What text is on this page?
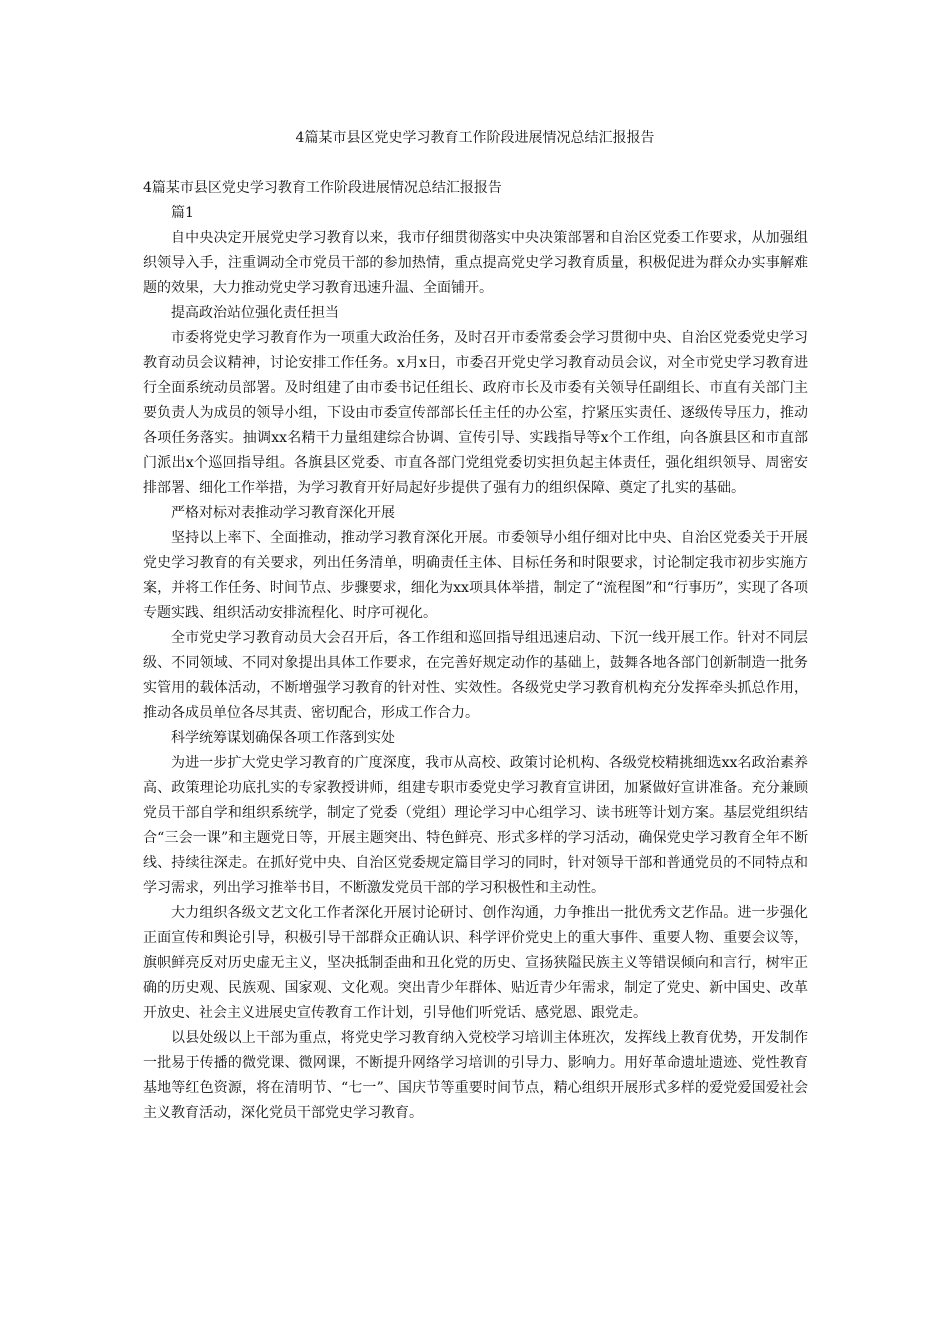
4篇某市县区党史学习教育工作阶段进展情况总结汇报报告

4篇某市县区党史学习教育工作阶段进展情况总结汇报报告

篇1

自中央决定开展党史学习教育以来，我市仔细贯彻落实中央决策部署和自治区党委工作要求，从加强组织领导入手，注重调动全市党员干部的参加热情，重点提高党史学习教育质量，积极促进为群众办实事解难题的效果，大力推动党史学习教育迅速升温、全面铺开。

提高政治站位强化责任担当

市委将党史学习教育作为一项重大政治任务，及时召开市委常委会学习贯彻中央、自治区党委党史学习教育动员会议精神，讨论安排工作任务。x月x日，市委召开党史学习教育动员会议，对全市党史学习教育进行全面系统动员部署。及时组建了由市委书记任组长、政府市长及市委有关领导任副组长、市直有关部门主要负责人为成员的领导小组，下设由市委宣传部部长任主任的办公室，拧紧压实责任、逐级传导压力，推动各项任务落实。抽调xx名精干力量组建综合协调、宣传引导、实践指导等x个工作组，向各旗县区和市直部门派出x个巡回指导组。各旗县区党委、市直各部门党组党委切实担负起主体责任，强化组织领导、周密安排部署、细化工作举措，为学习教育开好局起好步提供了强有力的组织保障、奠定了扎实的基础。

严格对标对表推动学习教育深化开展

坚持以上率下、全面推动，推动学习教育深化开展。市委领导小组仔细对比中央、自治区党委关于开展党史学习教育的有关要求，列出任务清单，明确责任主体、目标任务和时限要求，讨论制定我市初步实施方案，并将工作任务、时间节点、步骤要求，细化为xx项具体举措，制定了“流程图”和“行事历”，实现了各项专题实践、组织活动安排流程化、时序可视化。

全市党史学习教育动员大会召开后，各工作组和巡回指导组迅速启动、下沉一线开展工作。针对不同层级、不同领域、不同对象提出具体工作要求，在完善好规定动作的基础上，鼓舞各地各部门创新制造一批务实管用的载体活动，不断增强学习教育的针对性、实效性。各级党史学习教育机构充分发挥牵头抓总作用，推动各成员单位各尽其责、密切配合，形成工作合力。

科学统筹谋划确保各项工作落到实处

为进一步扩大党史学习教育的广度深度，我市从高校、政策讨论机构、各级党校精挑细选xx名政治素养高、政策理论功底扎实的专家教授讲师，组建专职市委党史学习教育宣讲团，加紧做好宣讲准备。充分兼顾党员干部自学和组织系统学，制定了党委（党组）理论学习中心组学习、读书班等计划方案。基层党组织结合“三会一课”和主题党日等，开展主题突出、特色鲜亮、形式多样的学习活动，确保党史学习教育全年不断线、持续往深走。在抓好党中央、自治区党委规定篇目学习的同时，针对领导干部和普通党员的不同特点和学习需求，列出学习推举书目，不断激发党员干部的学习积极性和主动性。

大力组织各级文艺文化工作者深化开展讨论研讨、创作沟通，力争推出一批优秀文艺作品。进一步强化正面宣传和舆论引导，积极引导干部群众正确认识、科学评价党史上的重大事件、重要人物、重要会议等，旗帜鲜亮反对历史虚无主义，坚决抵制歪曲和丑化党的历史、宣扬狭隘民族主义等错误倾向和言行，树牢正确的历史观、民族观、国家观、文化观。突出青少年群体、贴近青少年需求，制定了党史、新中国史、改革开放史、社会主义进展史宣传教育工作计划，引导他们听党话、感党恩、跟党走。

以县处级以上干部为重点，将党史学习教育纳入党校学习培训主体班次，发挥线上教育优势，开发制作一批易于传播的微党课、微网课，不断提升网络学习培训的引导力、影响力。用好革命遗址遗迹、党性教育基地等红色资源，将在清明节、“七一”、国庆节等重要时间节点，精心组织开展形式多样的爱党爱国爱社会主义教育活动，深化党员干部党史学习教育。
